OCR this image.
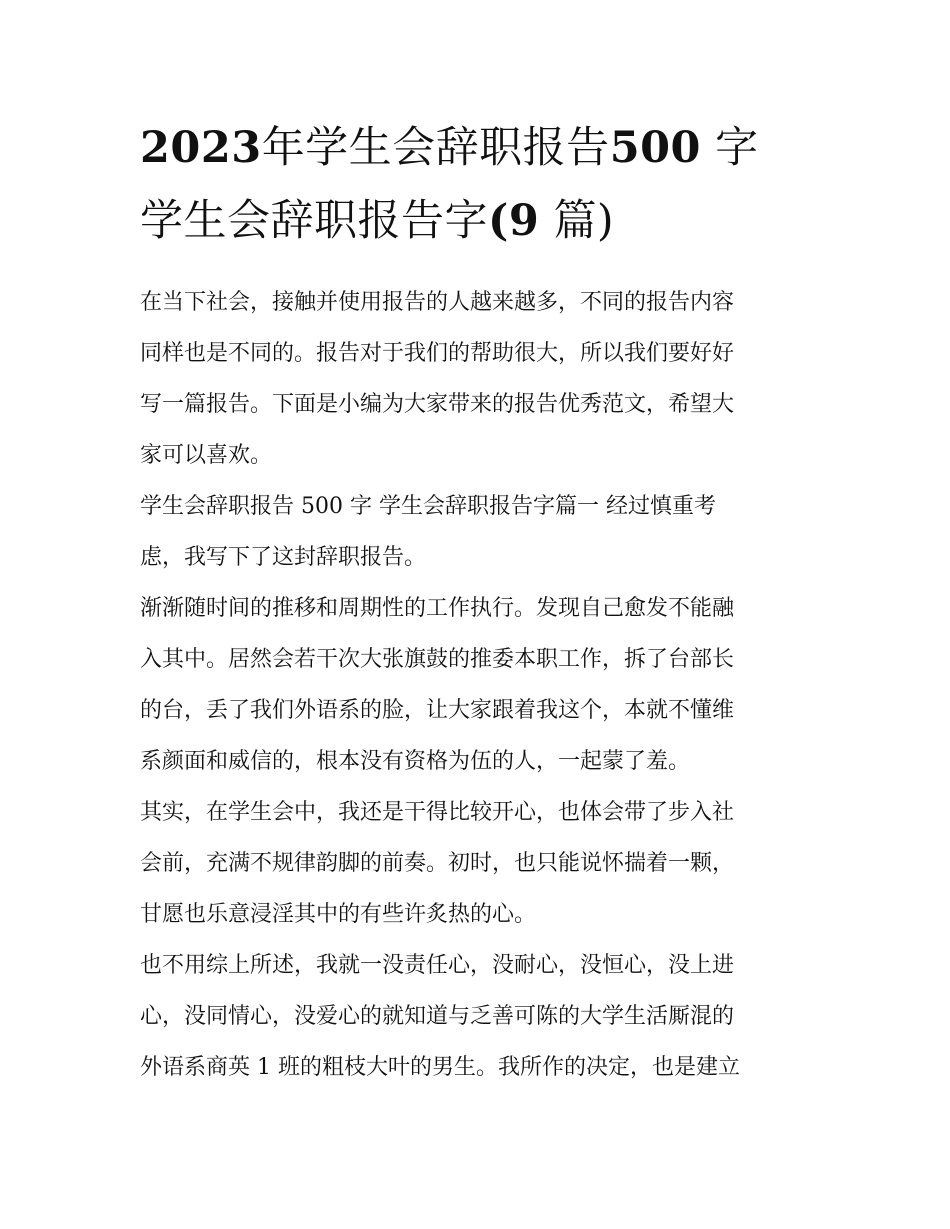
2023年学生会辞职报告500 字
学生会辞职报告字(9 篇)

在当下社会，接触并使用报告的人越来越多，不同的报告内容
同样也是不同的。报告对于我们的帮助很大，所以我们要好好
写一篇报告。下面是小编为大家带来的报告优秀范文，希望大
家可以喜欢。

学生会辞职报告 500 字 学生会辞职报告字篇一 经过慎重考
虑，我写下了这封辞职报告。

渐渐随时间的推移和周期性的工作执行。发现自己愈发不能融
入其中。居然会若干次大张旗鼓的推委本职工作，拆了台部长
的台，丢了我们外语系的脸，让大家跟着我这个，本就不懂维
系颜面和威信的，根本没有资格为伍的人，一起蒙了羞。

其实，在学生会中，我还是干得比较开心，也体会带了步入社
会前，充满不规律韵脚的前奏。初时，也只能说怀揣着一颗，
甘愿也乐意浸淫其中的有些许炙热的心。

也不用综上所述，我就一没责任心，没耐心，没恒心，没上进
心，没同情心，没爱心的就知道与乏善可陈的大学生活厮混的
外语系商英 1 班的粗枝大叶的男生。我所作的决定，也是建立
